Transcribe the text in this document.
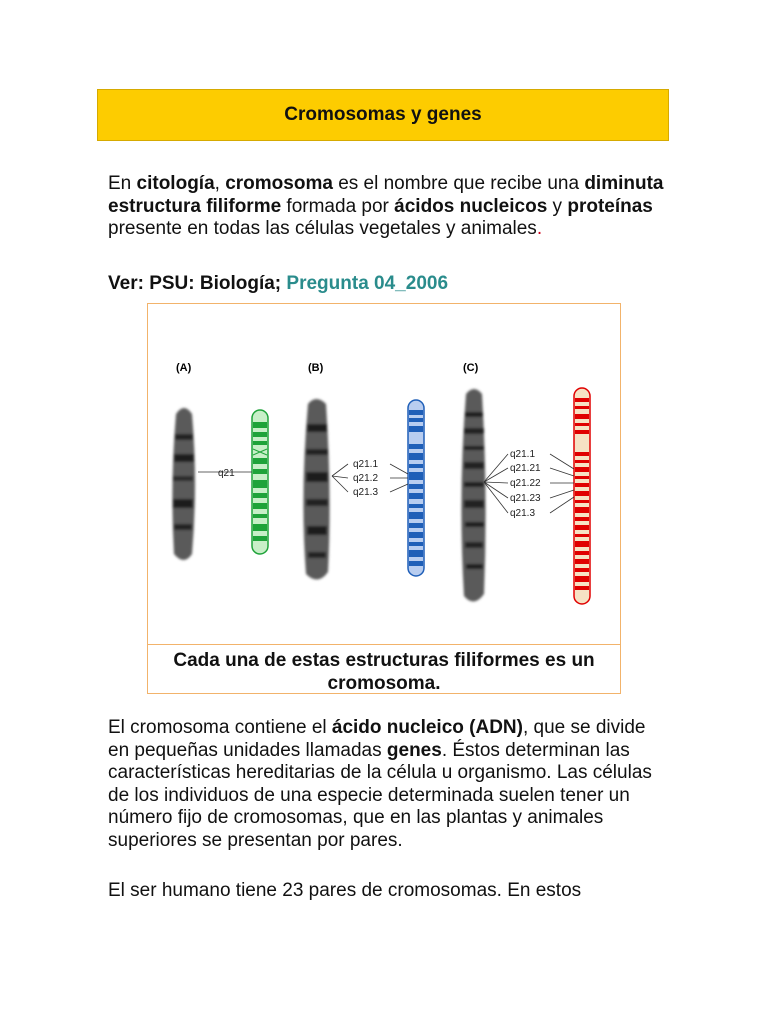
Cromosomas y genes
En citología, cromosoma es el nombre que recibe una diminuta estructura filiforme formada por ácidos nucleicos y proteínas presente en todas las células vegetales y animales.
Ver: PSU: Biología; Pregunta 04_2006
(A)	(B)	(C)
q21
q21.1
q21.2
q21.3
q21.1
q21.21
q21.22
q21.23
q21.3
Cada una de estas estructuras filiformes es un cromosoma.
El cromosoma contiene el ácido nucleico (ADN), que se divide en pequeñas unidades llamadas genes. Éstos determinan las características hereditarias de la célula u organismo. Las células de los individuos de una especie determinada suelen tener un número fijo de cromosomas, que en las plantas y animales superiores se presentan por pares.
El ser humano tiene 23 pares de cromosomas. En estos
